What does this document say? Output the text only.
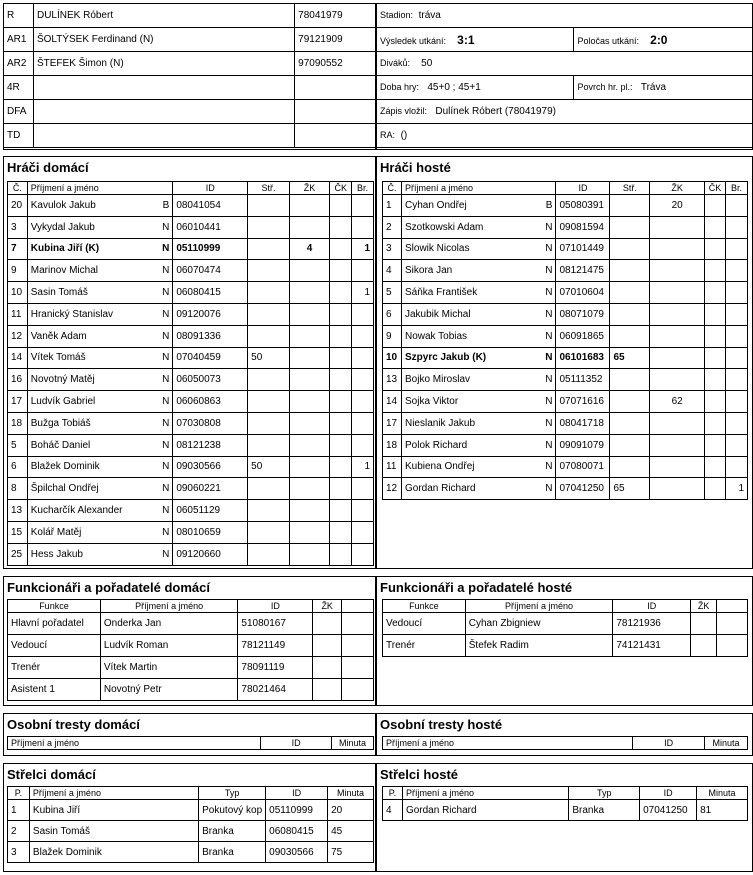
R	DULÍNEK Róbert	78041979
AR1	ŠOLTÝSEK Ferdinand (N)	79121909
AR2	ŠTEFEK Šimon (N)	97090552
4R		
DFA		
TD		
Stadion: tráva	
Výsledek utkání: 3:1	Poločas utkání: 2:0
Diváků: 50	
Doba hry: 45+0 ; 45+1	Povrch hr. pl.: Tráva
Zápis vložil: Dulínek Róbert (78041979)	
RA: ()	
Hráči domácí
Č.	Příjmení a jméno	ID	Stř.	ŽK	ČK	Br.
20	Kavulok Jakub B	08041054				
3	Vykydal Jakub N	06010441				
7	Kubina Jiří (K) N	05110999		4		1
9	Marinov Michal N	06070474				
10	Sasin Tomáš N	06080415				1
11	Hranický Stanislav N	09120076				
12	Vaněk Adam N	08091336				
14	Vítek Tomáš N	07040459	50			
16	Novotný Matěj N	06050073				
17	Ludvík Gabriel N	06060863				
18	Bužga Tobiáš N	07030808				
5	Boháč Daniel N	08121238				
6	Blažek Dominik N	09030566	50			1
8	Špilchal Ondřej N	09060221				
13	Kucharčík Alexander N	06051129				
15	Kolář Matěj N	08010659				
25	Hess Jakub N	09120660				
Hráči hosté
Č.	Příjmení a jméno	ID	Stř.	ŽK	ČK	Br.
1	Cyhan Ondřej B	05080391		20		
2	Szotkowski Adam N	09081594				
3	Slowik Nicolas N	07101449				
4	Sikora Jan N	08121475				
5	Sáňka František N	07010604				
6	Jakubik Michal N	08071079				
9	Nowak Tobias N	06091865				
10	Szpyrc Jakub (K) N	06101683	65			
13	Bojko Miroslav N	05111352				
14	Sojka Viktor N	07071616		62		
17	Nieslanik Jakub N	08041718				
18	Polok Richard N	09091079				
11	Kubiena Ondřej N	07080071				
12	Gordan Richard N	07041250	65			1
Funkcionáři a pořadatelé domácí
Funkce	Příjmení a jméno	ID	ŽK	
Hlavní pořadatel	Onderka Jan	51080167		
Vedoucí	Ludvík Roman	78121149		
Trenér	Vítek Martin	78091119		
Asistent 1	Novotný Petr	78021464		
Funkcionáři a pořadatelé hosté
Funkce	Příjmení a jméno	ID	ŽK	
Vedoucí	Cyhan Zbigniew	78121936		
Trenér	Štefek Radim	74121431		
Osobní tresty domácí
Příjmení a jméno	ID	Minuta
Osobní tresty hosté
Příjmení a jméno	ID	Minuta
Střelci domácí
P.	Příjmení a jméno	Typ	ID	Minuta
1	Kubina Jiří	Pokutový kop	05110999	20
2	Sasin Tomáš	Branka	06080415	45
3	Blažek Dominik	Branka	09030566	75
Střelci hosté
P.	Příjmení a jméno	Typ	ID	Minuta
4	Gordan Richard	Branka	07041250	81
